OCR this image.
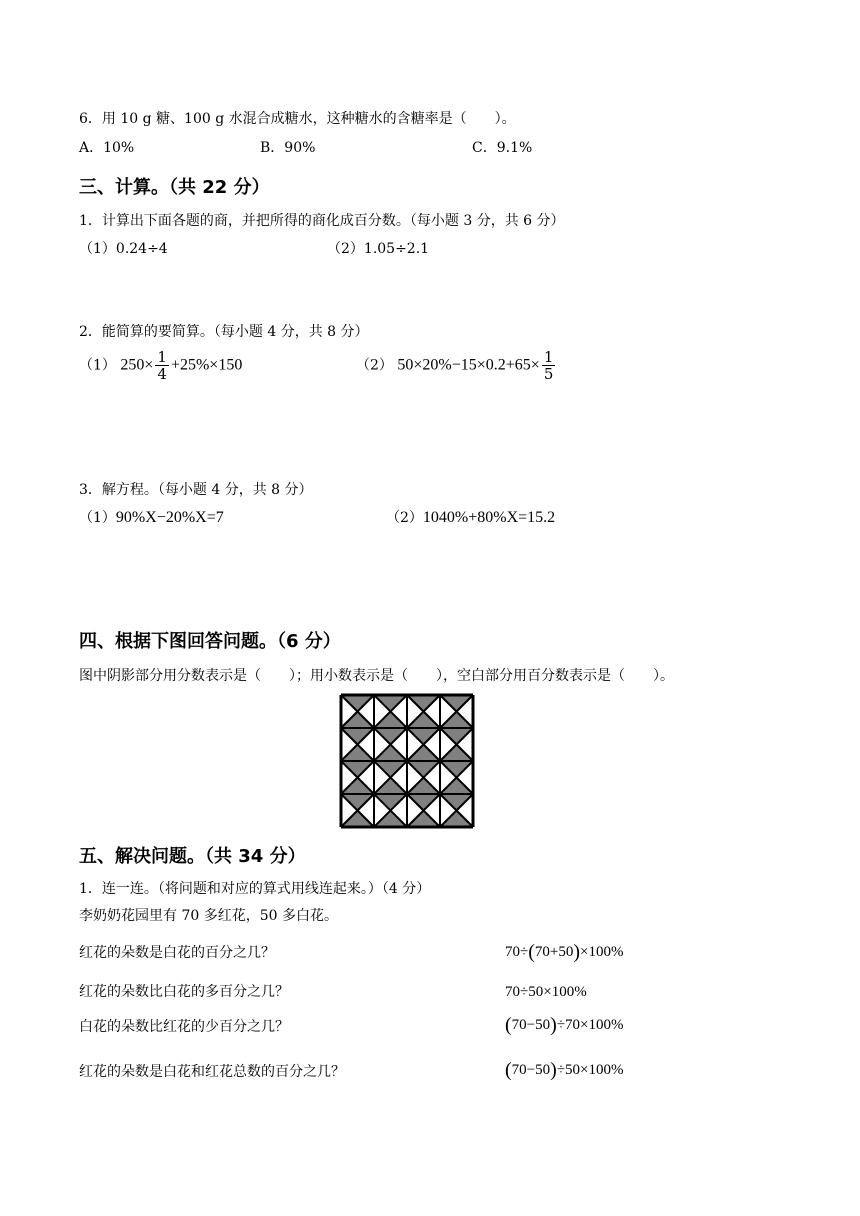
6．用 10 g 糖、100 g 水混合成糖水，这种糖水的含糖率是（　　）。
A．10%	B．90%	C．9.1%
三、计算。（共 22 分）
1．计算出下面各题的商，并把所得的商化成百分数。（每小题 3 分，共 6 分）
（1）0.24÷4	（2）1.05÷2.1
2．能简算的要简算。（每小题 4 分，共 8 分）
（1） $250\times \frac{1}{4} +25\%\times 150$	（2） $50\times 20\%-15\times 0.2+65\times \frac{1}{5}$
3．解方程。（每小题 4 分，共 8 分）
（1）90%X−20%X=7	（2）1040%+80%X=15.2
四、根据下图回答问题。（6 分）
图中阴影部分用分数表示是（　　）；用小数表示是（　　），空白部分用百分数表示是（　　）。
五、解决问题。（共 34 分）
1．连一连。（将问题和对应的算式用线连起来。）（4 分）
李奶奶花园里有 70 多红花，50 多白花。
红花的朵数是白花的百分之几？
红花的朵数比白花的多百分之几？
白花的朵数比红花的少百分之几？
红花的朵数是白花和红花总数的百分之几？
70÷(70+50)×100%
70÷50×100%
(70−50)÷70×100%
(70−50)÷50×100%
